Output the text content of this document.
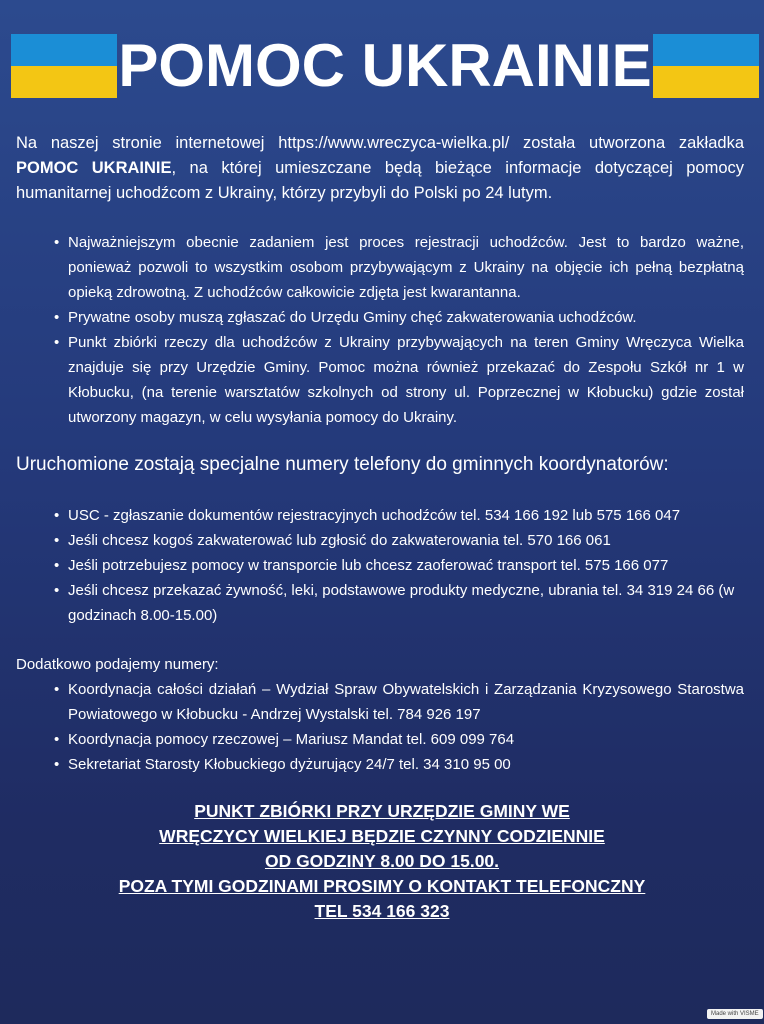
POMOC UKRAINIE

Na naszej stronie internetowej https://www.wreczyca-wielka.pl/ została utworzona zakładka POMOC UKRAINIE, na której umieszczane będą bieżące informacje dotyczącej pomocy humanitarnej uchodźcom z Ukrainy, którzy przybyli do Polski po 24 lutym.

• Najważniejszym obecnie zadaniem jest proces rejestracji uchodźców. Jest to bardzo ważne, ponieważ pozwoli to wszystkim osobom przybywającym z Ukrainy na objęcie ich pełną bezpłatną opieką zdrowotną. Z uchodźców całkowicie zdjęta jest kwarantanna.
• Prywatne osoby muszą zgłaszać do Urzędu Gminy chęć zakwaterowania uchodźców.
• Punkt zbiórki rzeczy dla uchodźców z Ukrainy przybywających na teren Gminy Wręczyca Wielka znajduje się przy Urzędzie Gminy. Pomoc można również przekazać do Zespołu Szkół nr 1 w Kłobucku, (na terenie warsztatów szkolnych od strony ul. Poprzecznej w Kłobucku) gdzie został utworzony magazyn, w celu wysyłania pomocy do Ukrainy.
Uruchomione zostają specjalne numery telefony do gminnych koordynatorów:
• USC - zgłaszanie dokumentów rejestracyjnych uchodźców tel. 534 166 192 lub 575 166 047
• Jeśli chcesz kogoś zakwaterować lub zgłosić do zakwaterowania tel. 570 166 061
• Jeśli potrzebujesz pomocy w transporcie lub chcesz zaoferować transport tel. 575 166 077
• Jeśli chcesz przekazać żywność, leki, podstawowe produkty medyczne, ubrania tel. 34 319 24 66 (w godzinach 8.00-15.00)
Dodatkowo podajemy numery:
• Koordynacja całości działań – Wydział Spraw Obywatelskich i Zarządzania Kryzysowego Starostwa Powiatowego w Kłobucku - Andrzej Wystalski tel. 784 926 197
• Koordynacja pomocy rzeczowej – Mariusz Mandat tel. 609 099 764
• Sekretariat Starosty Kłobuckiego dyżurujący 24/7 tel. 34 310 95 00
PUNKT ZBIÓRKI PRZY URZĘDZIE GMINY WE
WRĘCZYCY WIELKIEJ BĘDZIE CZYNNY CODZIENNIE
OD GODZINY 8.00 DO 15.00.
POZA TYMI GODZINAMI PROSIMY O KONTAKT TELEFONCZNY
TEL 534 166 323
Made with VISME
